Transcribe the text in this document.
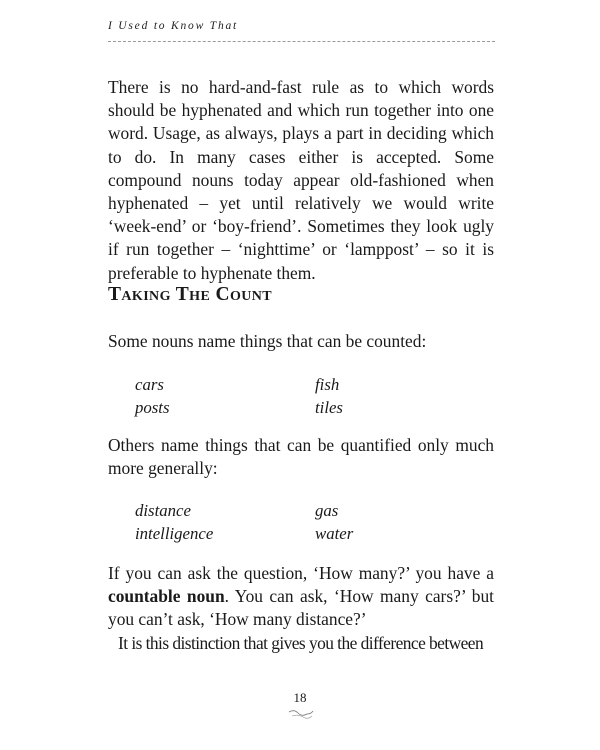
I Used to Know That

There is no hard-and-fast rule as to which words should be hyphenated and which run together into one word. Usage, as always, plays a part in deciding which to do. In many cases either is accepted. Some compound nouns today appear old-fashioned when hyphenated – yet until relatively we would write ‘week-end’ or ‘boy-friend’. Sometimes they look ugly if run together – ‘nighttime’ or ‘lamppost’ – so it is preferable to hyphenate them.

Taking The Count

Some nouns name things that can be counted:

cars	fish
posts	tiles

Others name things that can be quantified only much more generally:

distance	gas
intelligence	water

If you can ask the question, ‘How many?’ you have a countable noun. You can ask, ‘How many cars?’ but you can’t ask, ‘How many distance?’

It is this distinction that gives you the difference between

18
